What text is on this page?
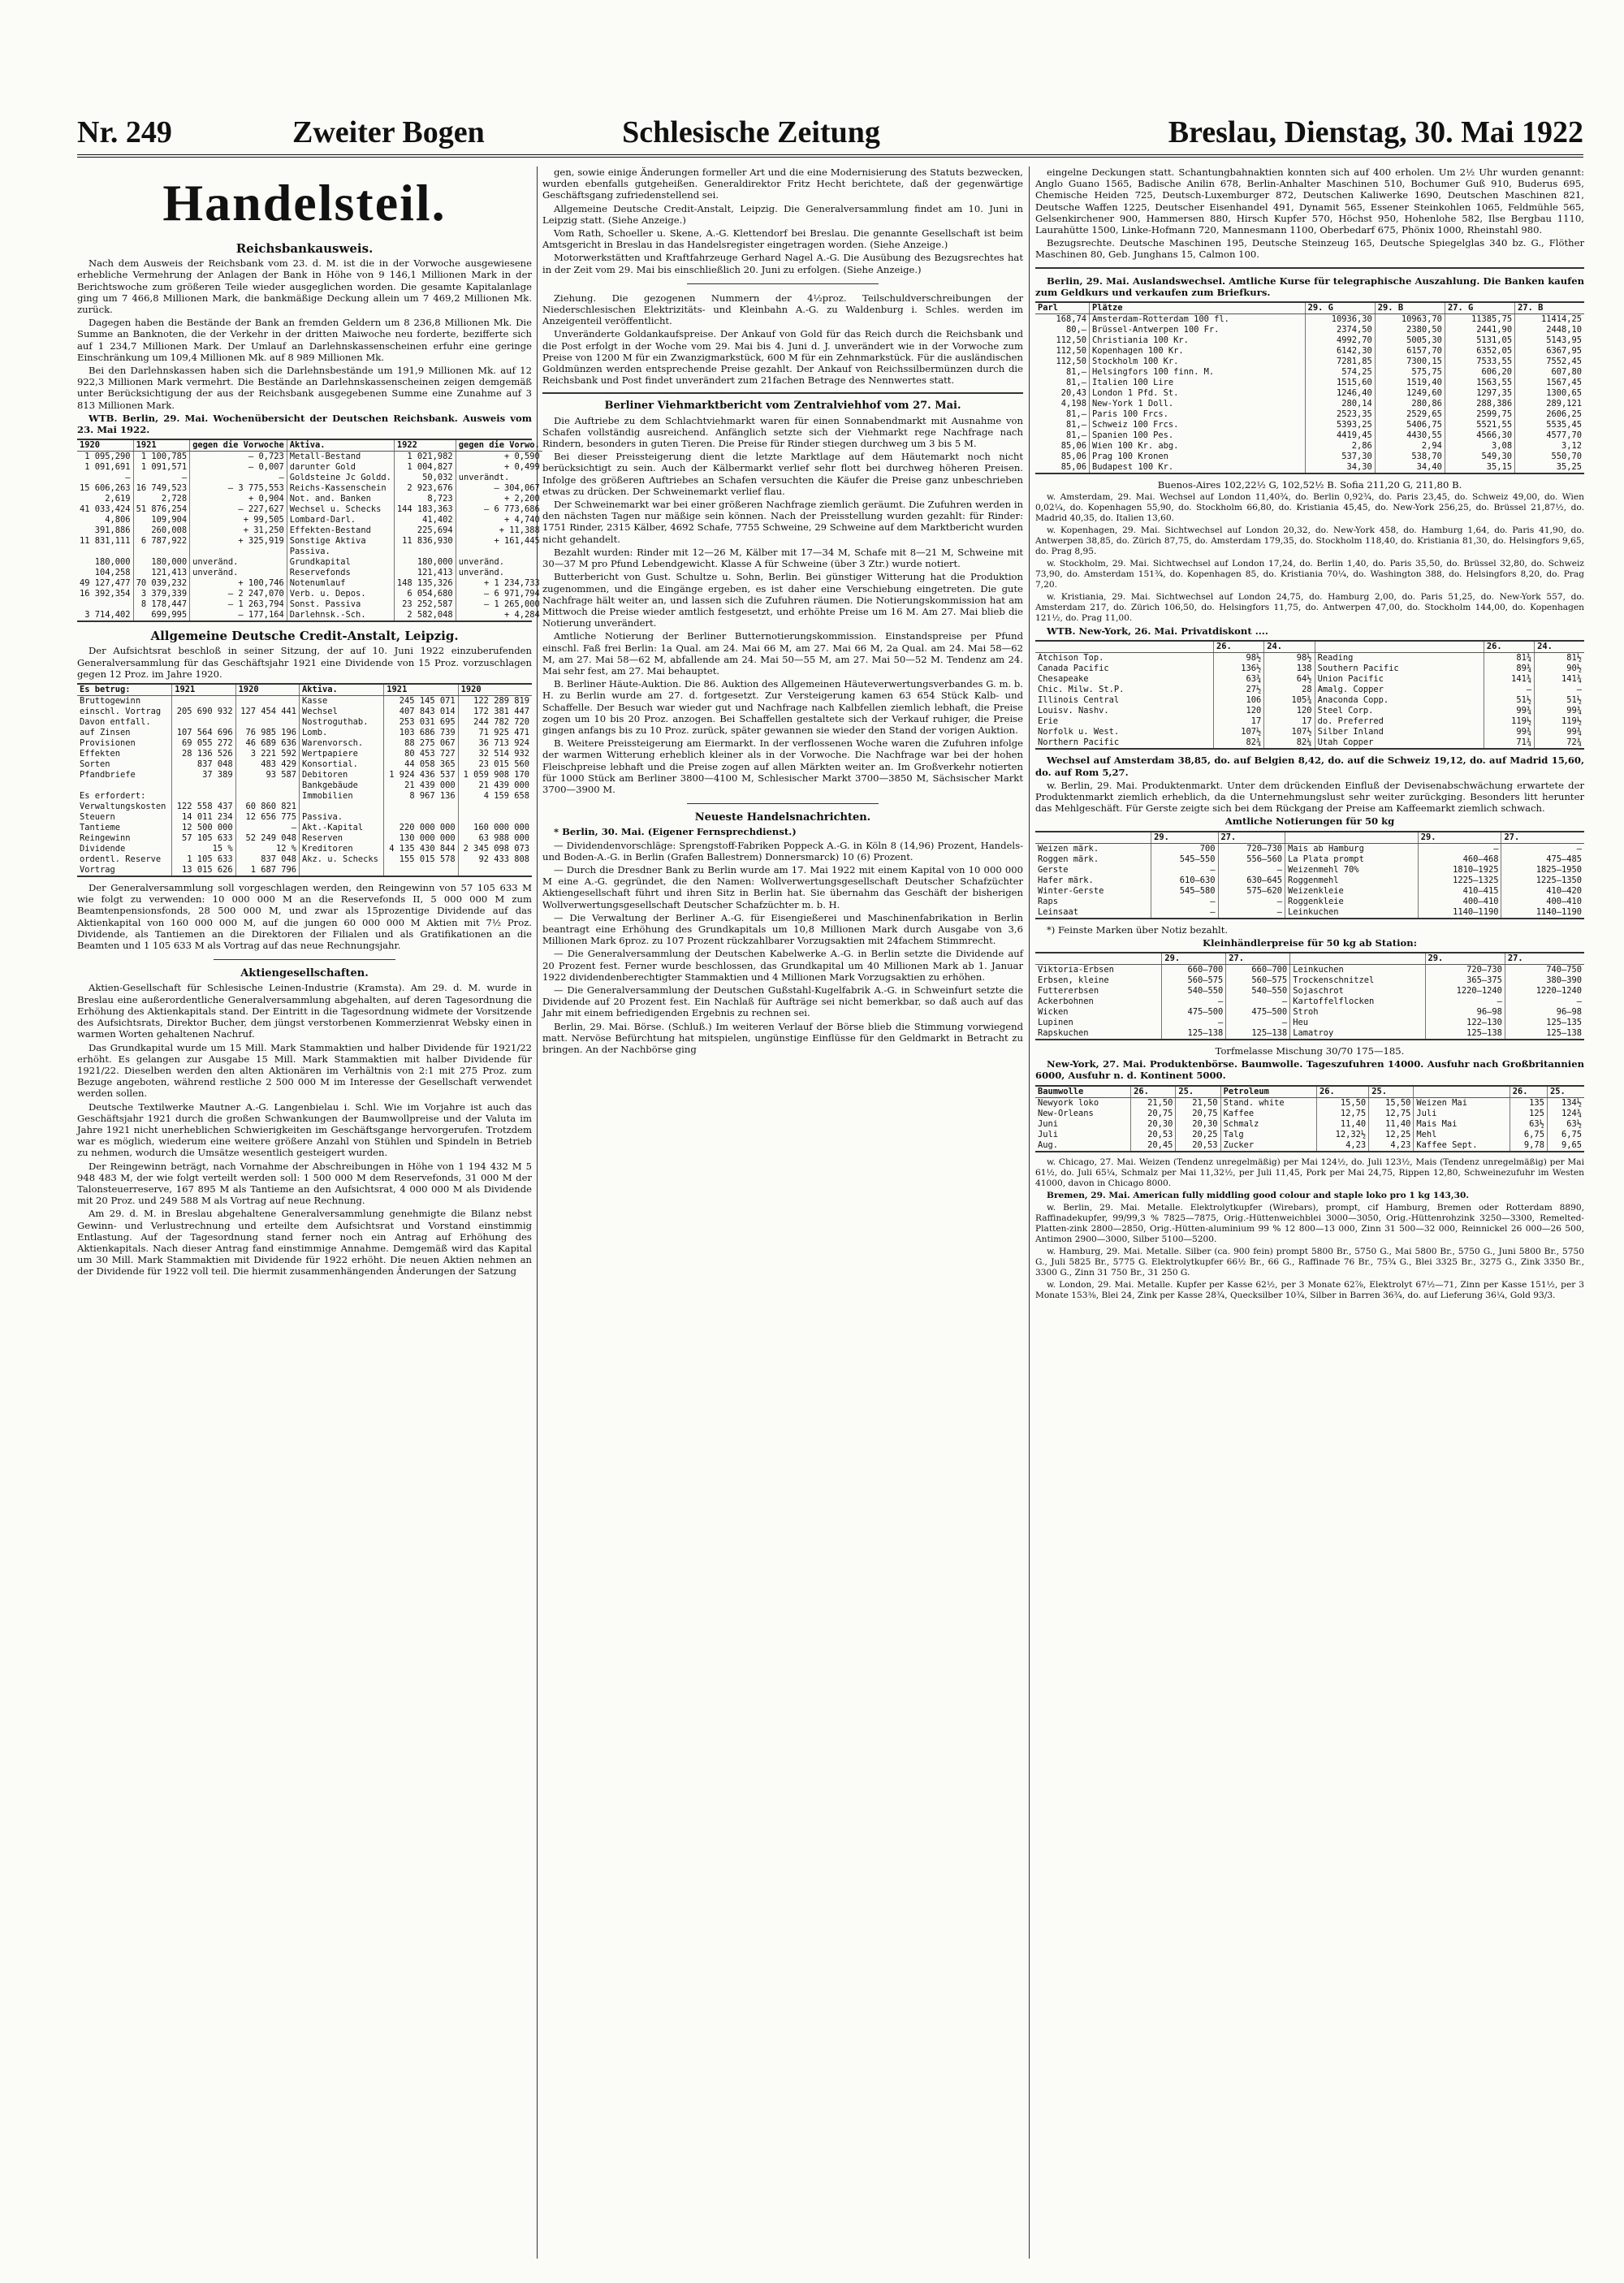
Nr. 249	Zweiter Bogen	Schlesische Zeitung	Breslau, Dienstag, 30. Mai 1922
Handelsteil.
Reichsbankausweis.

Nach dem Ausweis der Reichsbank vom 23. d. M. ist die in der Vorwoche ausgewiesene erhebliche Vermehrung der Anlagen der Bank in Höhe von 9 146,1 Millionen Mark in der Berichtswoche zum größeren Teile wieder ausgeglichen worden. Die gesamte Kapitalanlage ging um 7 466,8 Millionen Mark, die bankmäßige Deckung allein um 7 469,2 Millionen Mk. zurück.

Dagegen haben die Bestände der Bank an fremden Geldern um 8 236,8 Millionen Mk. Die Summe an Banknoten, die der Verkehr in der dritten Maiwoche neu forderte, bezifferte sich auf 1 234,7 Millionen Mark. Der Umlauf an Darlehnskassenscheinen erfuhr eine geringe Einschränkung um 109,4 Millionen Mk. auf 8 989 Millionen Mk.

Bei den Darlehnskassen haben sich die Darlehnsbestände um 191,9 Millionen Mk. auf 12 922,3 Millionen Mark vermehrt. Die Bestände an Darlehnskassenscheinen zeigen demgemäß unter Berücksichtigung der aus der Reichsbank ausgegebenen Summe eine Zunahme auf 3 813 Millionen Mark.

WTB. Berlin, 29. Mai. Wochenübersicht der Deutschen Reichsbank. Ausweis vom 23. Mai 1922.

1920	1921	gegen die Vorwoche	Aktiva.	1922	gegen die Vorwo.
1 095,290	1 100,785	— 0,723	Metall-Bestand	1 021,982	+ 0,590
1 091,691	1 091,571	— 0,007	darunter Gold	1 004,827	+ 0,499
—	—	—	Goldsteine Jc Goldd.	50,032	unverändt.
15 606,263	16 749,523	— 3 775,553	Reichs-Kassenschein	2 923,676	— 304,067
2,619	2,728	+ 0,904	Not. and. Banken	8,723	+ 2,200
41 033,424	51 876,254	— 227,627	Wechsel u. Schecks	144 183,363	— 6 773,686
4,806	109,904	+ 99,505	Lombard-Darl.	41,402	+ 4,740
391,886	260,008	+ 31,250	Effekten-Bestand	225,694	+ 11,388
11 831,111	6 787,922	+ 325,919	Sonstige Aktiva	11 836,930	+ 161,445
			Passiva.		
180,000	180,000	unveränd.	Grundkapital	180,000	unveränd.
104,258	121,413	unveränd.	Reservefonds	121,413	unveränd.
49 127,477	70 039,232	+ 100,746	Notenumlauf	148 135,326	+ 1 234,733
16 392,354	3 379,339	— 2 247,070	Verb. u. Depos.	6 054,680	— 6 971,794
	8 178,447	— 1 263,794	Sonst. Passiva	23 252,587	— 1 265,000
3 714,402	699,995	— 177,164	Darlehnsk.-Sch.	2 582,048	+ 4,284
Allgemeine Deutsche Credit-Anstalt, Leipzig.

Der Aufsichtsrat beschloß in seiner Sitzung, der auf 10. Juni 1922 einzuberufenden Generalversammlung für das Geschäftsjahr 1921 eine Dividende von 15 Proz. vorzuschlagen gegen 12 Proz. im Jahre 1920.

Es betrug:	1921	1920	Aktiva.	1921	1920
Bruttogewinn			Kasse	245 145 071	122 289 819
einschl. Vortrag	205 690 932	127 454 441	Wechsel	407 843 014	172 381 447
Davon entfall.			Nostroguthab.	253 031 695	244 782 720
auf Zinsen	107 564 696	76 985 196	Lomb.	103 686 739	71 925 471
Provisionen	69 055 272	46 689 636	Warenvorsch.	88 275 067	36 713 924
Effekten	28 136 526	3 221 592	Wertpapiere	80 453 727	32 514 932
Sorten	837 048	483 429	Konsortial.	44 058 365	23 015 560
Pfandbriefe	37 389	93 587	Debitoren	1 924 436 537	1 059 908 170
			Bankgebäude	21 439 000	21 439 000
Es erfordert:			Immobilien	8 967 136	4 159 658
Verwaltungskosten	122 558 437	60 860 821			
Steuern	14 011 234	12 656 775	Passiva.		
Tantieme	12 500 000	—	Akt.-Kapital	220 000 000	160 000 000
Reingewinn	57 105 633	52 249 048	Reserven	130 000 000	63 988 000
Dividende	15 %	12 %	Kreditoren	4 135 430 844	2 345 098 073
ordentl. Reserve	1 105 633	837 048	Akz. u. Schecks	155 015 578	92 433 808
Vortrag	13 015 626	1 687 796			

Der Generalversammlung soll vorgeschlagen werden, den Reingewinn von 57 105 633 M wie folgt zu verwenden: 10 000 000 M an die Reservefonds II, 5 000 000 M zum Beamtenpensionsfonds, 28 500 000 M, und zwar als 15prozentige Dividende auf das Aktienkapital von 160 000 000 M, auf die jungen 60 000 000 M Aktien mit 7½ Proz. Dividende, als Tantiemen an die Direktoren der Filialen und als Gratifikationen an die Beamten und 1 105 633 M als Vortrag auf das neue Rechnungsjahr.

Aktiengesellschaften.

Aktien-Gesellschaft für Schlesische Leinen-Industrie (Kramsta). Am 29. d. M. wurde in Breslau eine außerordentliche Generalversammlung abgehalten, auf deren Tagesordnung die Erhöhung des Aktienkapitals stand. Der Eintritt in die Tagesordnung widmete der Vorsitzende des Aufsichtsrats, Direktor Bucher, dem jüngst verstorbenen Kommerzienrat Websky einen in warmen Worten gehaltenen Nachruf.

Das Grundkapital wurde um 15 Mill. Mark Stammaktien und halber Dividende für 1921/22 erhöht. Es gelangen zur Ausgabe 15 Mill. Mark Stammaktien mit halber Dividende für 1921/22. Dieselben werden den alten Aktionären im Verhältnis von 2:1 mit 275 Proz. zum Bezuge angeboten, während restliche 2 500 000 M im Interesse der Gesellschaft verwendet werden sollen.

Deutsche Textilwerke Mautner A.-G. Langenbielau i. Schl. Wie im Vorjahre ist auch das Geschäftsjahr 1921 durch die großen Schwankungen der Baumwollpreise und der Valuta im Jahre 1921 nicht unerheblichen Schwierigkeiten im Geschäftsgange hervorgerufen. Trotzdem war es möglich, wiederum eine weitere größere Anzahl von Stühlen und Spindeln in Betrieb zu nehmen, wodurch die Umsätze wesentlich gesteigert wurden.

Der Reingewinn beträgt, nach Vornahme der Abschreibungen in Höhe von 1 194 432 M 5 948 483 M, der wie folgt verteilt werden soll: 1 500 000 M dem Reservefonds, 31 000 M der Talonsteuerreserve, 167 895 M als Tantieme an den Aufsichtsrat, 4 000 000 M als Dividende mit 20 Proz. und 249 588 M als Vortrag auf neue Rechnung.

Am 29. d. M. in Breslau abgehaltene Generalversammlung genehmigte die Bilanz nebst Gewinn- und Verlustrechnung und erteilte dem Aufsichtsrat und Vorstand einstimmig Entlastung. Auf der Tagesordnung stand ferner noch ein Antrag auf Erhöhung des Aktienkapitals. Nach dieser Antrag fand einstimmige Annahme. Demgemäß wird das Kapital um 30 Mill. Mark Stammaktien mit Dividende für 1922 erhöht. Die neuen Aktien nehmen an der Dividende für 1922 voll teil. Die hiermit zusammenhängenden Änderungen der Satzung

gen, sowie einige Änderungen formeller Art und die eine Modernisierung des Statuts bezwecken, wurden ebenfalls gutgeheißen. Generaldirektor Fritz Hecht berichtete, daß der gegenwärtige Geschäftsgang zufriedenstellend sei.

Allgemeine Deutsche Credit-Anstalt, Leipzig. Die Generalversammlung findet am 10. Juni in Leipzig statt. (Siehe Anzeige.)

Vom Rath, Schoeller u. Skene, A.-G. Klettendorf bei Breslau. Die genannte Gesellschaft ist beim Amtsgericht in Breslau in das Handelsregister eingetragen worden. (Siehe Anzeige.)

Motorwerkstätten und Kraftfahrzeuge Gerhard Nagel A.-G. Die Ausübung des Bezugsrechtes hat in der Zeit vom 29. Mai bis einschließlich 20. Juni zu erfolgen. (Siehe Anzeige.)

Ziehung. Die gezogenen Nummern der 4½proz. Teilschuldverschreibungen der Niederschlesischen Elektrizitäts- und Kleinbahn A.-G. zu Waldenburg i. Schles. werden im Anzeigenteil veröffentlicht.

Unveränderte Goldankaufspreise. Der Ankauf von Gold für das Reich durch die Reichsbank und die Post erfolgt in der Woche vom 29. Mai bis 4. Juni d. J. unverändert wie in der Vorwoche zum Preise von 1200 M für ein Zwanzigmarkstück, 600 M für ein Zehnmarkstück. Für die ausländischen Goldmünzen werden entsprechende Preise gezahlt. Der Ankauf von Reichssilbermünzen durch die Reichsbank und Post findet unverändert zum 21fachen Betrage des Nennwertes statt.

Berliner Viehmarktbericht vom Zentralviehhof vom 27. Mai.

Die Auftriebe zu dem Schlachtviehmarkt waren für einen Sonnabendmarkt mit Ausnahme von Schafen vollständig ausreichend. Anfänglich setzte sich der Viehmarkt rege Nachfrage nach Rindern, besonders in guten Tieren. Die Preise für Rinder stiegen durchweg um 3 bis 5 M.

Bei dieser Preissteigerung dient die letzte Marktlage auf dem Häutemarkt noch nicht berücksichtigt zu sein. Auch der Kälbermarkt verlief sehr flott bei durchweg höheren Preisen. Infolge des größeren Auftriebes an Schafen versuchten die Käufer die Preise ganz unbeschrieben etwas zu drücken. Der Schweinemarkt verlief flau.

Der Schweinemarkt war bei einer größeren Nachfrage ziemlich geräumt. Die Zufuhren werden in den nächsten Tagen nur mäßige sein können. Nach der Preisstellung wurden gezahlt: für Rinder: 1751 Rinder, 2315 Kälber, 4692 Schafe, 7755 Schweine, 29 Schweine auf dem Marktbericht wurden nicht gehandelt.

Bezahlt wurden: Rinder mit 12—26 M, Kälber mit 17—34 M, Schafe mit 8—21 M, Schweine mit 30—37 M pro Pfund Lebendgewicht. Klasse A für Schweine (über 3 Ztr.) wurde notiert.

Butterbericht von Gust. Schultze u. Sohn, Berlin. Bei günstiger Witterung hat die Produktion zugenommen, und die Eingänge ergeben, es ist daher eine Verschiebung eingetreten. Die gute Nachfrage hält weiter an, und lassen sich die Zufuhren räumen. Die Notierungskommission hat am Mittwoch die Preise wieder amtlich festgesetzt, und erhöhte Preise um 16 M. Am 27. Mai blieb die Notierung unverändert.

Amtliche Notierung der Berliner Butternotierungskommission. Einstandspreise per Pfund einschl. Faß frei Berlin: 1a Qual. am 24. Mai 66 M, am 27. Mai 66 M, 2a Qual. am 24. Mai 58—62 M, am 27. Mai 58—62 M, abfallende am 24. Mai 50—55 M, am 27. Mai 50—52 M. Tendenz am 24. Mai sehr fest, am 27. Mai behauptet.

B. Berliner Häute-Auktion. Die 86. Auktion des Allgemeinen Häuteverwertungsverbandes G. m. b. H. zu Berlin wurde am 27. d. fortgesetzt. Zur Versteigerung kamen 63 654 Stück Kalb- und Schaffelle. Der Besuch war wieder gut und Nachfrage nach Kalbfellen ziemlich lebhaft, die Preise zogen um 10 bis 20 Proz. anzogen. Bei Schaffellen gestaltete sich der Verkauf ruhiger, die Preise gingen anfangs bis zu 10 Proz. zurück, später gewannen sie wieder den Stand der vorigen Auktion.

B. Weitere Preissteigerung am Eiermarkt. In der verflossenen Woche waren die Zufuhren infolge der warmen Witterung erheblich kleiner als in der Vorwoche. Die Nachfrage war bei der hohen Fleischpreise lebhaft und die Preise zogen auf allen Märkten weiter an. Im Großverkehr notierten für 1000 Stück am Berliner 3800—4100 M, Schlesischer Markt 3700—3850 M, Sächsischer Markt 3700—3900 M.

Neueste Handelsnachrichten.

* Berlin, 30. Mai. (Eigener Fernsprechdienst.)

— Dividendenvorschläge: Sprengstoff-Fabriken Poppeck A.-G. in Köln 8 (14,96) Prozent, Handels- und Boden-A.-G. in Berlin (Grafen Ballestrem) Donnersmarck) 10 (6) Prozent.

— Durch die Dresdner Bank zu Berlin wurde am 17. Mai 1922 mit einem Kapital von 10 000 000 M eine A.-G. gegründet, die den Namen: Wollverwertungsgesellschaft Deutscher Schafzüchter Aktiengesellschaft führt und ihren Sitz in Berlin hat. Sie übernahm das Geschäft der bisherigen Wollverwertungsgesellschaft Deutscher Schafzüchter m. b. H.

— Die Verwaltung der Berliner A.-G. für Eisengießerei und Maschinenfabrikation in Berlin beantragt eine Erhöhung des Grundkapitals um 10,8 Millionen Mark durch Ausgabe von 3,6 Millionen Mark 6proz. zu 107 Prozent rückzahlbarer Vorzugsaktien mit 24fachem Stimmrecht.

— Die Generalversammlung der Deutschen Kabelwerke A.-G. in Berlin setzte die Dividende auf 20 Prozent fest. Ferner wurde beschlossen, das Grundkapital um 40 Millionen Mark ab 1. Januar 1922 dividendenberechtigter Stammaktien und 4 Millionen Mark Vorzugsaktien zu erhöhen.

— Die Generalversammlung der Deutschen Gußstahl-Kugelfabrik A.-G. in Schweinfurt setzte die Dividende auf 20 Prozent fest. Ein Nachlaß für Aufträge sei nicht bemerkbar, so daß auch auf das Jahr mit einem befriedigenden Ergebnis zu rechnen sei.

Berlin, 29. Mai. Börse. (Schluß.) Im weiteren Verlauf der Börse blieb die Stimmung vorwiegend matt. Nervöse Befürchtung hat mitspielen, ungünstige Einflüsse für den Geldmarkt in Betracht zu bringen. An der Nachbörse ging

eingelne Deckungen statt. Schantungbahnaktien konnten sich auf 400 erholen. Um 2½ Uhr wurden genannt: Anglo Guano 1565, Badische Anilin 678, Berlin-Anhalter Maschinen 510, Bochumer Guß 910, Buderus 695, Chemische Heiden 725, Deutsch-Luxemburger 872, Deutschen Kaliwerke 1690, Deutschen Maschinen 821, Deutsche Waffen 1225, Deutscher Eisenhandel 491, Dynamit 565, Essener Steinkohlen 1065, Feldmühle 565, Gelsenkirchener 900, Hammersen 880, Hirsch Kupfer 570, Höchst 950, Hohenlohe 582, Ilse Bergbau 1110, Laurahütte 1500, Linke-Hofmann 720, Mannesmann 1100, Oberbedarf 675, Phönix 1000, Rheinstahl 980.

Bezugsrechte. Deutsche Maschinen 195, Deutsche Steinzeug 165, Deutsche Spiegelglas 340 bz. G., Flöther Maschinen 80, Geb. Junghans 15, Calmon 100.

Berlin, 29. Mai. Auslandswechsel. Amtliche Kurse für telegraphische Auszahlung. Die Banken kaufen zum Geldkurs und verkaufen zum Briefkurs.

Parl	Plätze	29. G	29. B	27. G	27. B
168,74	Amsterdam-Rotterdam 100 fl.	10936,30	10963,70	11385,75	11414,25
80,—	Brüssel-Antwerpen 100 Fr.	2374,50	2380,50	2441,90	2448,10
112,50	Christiania 100 Kr.	4992,70	5005,30	5131,05	5143,95
112,50	Kopenhagen 100 Kr.	6142,30	6157,70	6352,05	6367,95
112,50	Stockholm 100 Kr.	7281,85	7300,15	7533,55	7552,45
81,—	Helsingfors 100 finn. M.	574,25	575,75	606,20	607,80
81,—	Italien 100 Lire	1515,60	1519,40	1563,55	1567,45
20,43	London 1 Pfd. St.	1246,40	1249,60	1297,35	1300,65
4,198	New-York 1 Doll.	280,14	280,86	288,386	289,121
81,—	Paris 100 Frcs.	2523,35	2529,65	2599,75	2606,25
81,—	Schweiz 100 Frcs.	5393,25	5406,75	5521,55	5535,45
81,—	Spanien 100 Pes.	4419,45	4430,55	4566,30	4577,70
85,06	Wien 100 Kr. abg.	2,86	2,94	3,08	3,12
85,06	Prag 100 Kronen	537,30	538,70	549,30	550,70
85,06	Budapest 100 Kr.	34,30	34,40	35,15	35,25

Buenos-Aires 102,22½ G, 102,52½ B. Sofia 211,20 G, 211,80 B.

w. Amsterdam, 29. Mai. Wechsel auf London 11,40¾, do. Berlin 0,92¾, do. Paris 23,45, do. Schweiz 49,00, do. Wien 0,02¼, do. Kopenhagen 55,90, do. Stockholm 66,80, do. Kristiania 45,45, do. New-York 256,25, do. Brüssel 21,87½, do. Madrid 40,35, do. Italien 13,60.

w. Kopenhagen, 29. Mai. Sichtwechsel auf London 20,32, do. New-York 458, do. Hamburg 1,64, do. Paris 41,90, do. Antwerpen 38,85, do. Zürich 87,75, do. Amsterdam 179,35, do. Stockholm 118,40, do. Kristiania 81,30, do. Helsingfors 9,65, do. Prag 8,95.

w. Stockholm, 29. Mai. Sichtwechsel auf London 17,24, do. Berlin 1,40, do. Paris 35,50, do. Brüssel 32,80, do. Schweiz 73,90, do. Amsterdam 151¾, do. Kopenhagen 85, do. Kristiania 70¼, do. Washington 388, do. Helsingfors 8,20, do. Prag 7,20.

w. Kristiania, 29. Mai. Sichtwechsel auf London 24,75, do. Hamburg 2,00, do. Paris 51,25, do. New-York 557, do. Amsterdam 217, do. Zürich 106,50, do. Helsingfors 11,75, do. Antwerpen 47,00, do. Stockholm 144,00, do. Kopenhagen 121½, do. Prag 11,00.

WTB. New-York, 26. Mai. Privatdiskont ....

	26.	24.		26.	24.
Atchison Top.	98½	98½	Reading	81¾	81½
Canada Pacific	136½	138	Southern Pacific	89¾	90½
Chesapeake	63¾	64½	Union Pacific	141¾	141¾
Chic. Milw. St.P.	27½	28	Amalg. Copper	—	—
Illinois Central	106	105¾	Anaconda Copp.	51½	51½
Louisv. Nashv.	120	120	Steel Corp.	99¾	99¾
Erie	17	17	do. Preferred	119½	119½
Norfolk u. West.	107½	107½	Silber Inland	99¾	99¾
Northern Pacific	82¾	82¼	Utah Copper	71¾	72¾

Wechsel auf Amsterdam 38,85, do. auf Belgien 8,42, do. auf die Schweiz 19,12, do. auf Madrid 15,60, do. auf Rom 5,27.

w. Berlin, 29. Mai. Produktenmarkt. Unter dem drückenden Einfluß der Devisenabschwächung erwartete der Produktenmarkt ziemlich erheblich, da die Unternehmungslust sehr weiter zurückging. Besonders litt herunter das Mehlgeschäft. Für Gerste zeigte sich bei dem Rückgang der Preise am Kaffeemarkt ziemlich schwach.

Amtliche Notierungen für 50 kg

	29.	27.		29.	27.
Weizen märk.	700	720—730	Mais ab Hamburg	—	—
Roggen märk.	545—550	556—560	La Plata prompt	460—468	475—485
Gerste	—	—	Weizenmehl 70%	1810—1925	1825—1950
Hafer märk.	610—630	630—645	Roggenmehl	1225—1325	1225—1350
Winter-Gerste	545—580	575—620	Weizenkleie	410—415	410—420
Raps	—	—	Roggenkleie	400—410	400—410
Leinsaat	—	—	Leinkuchen	1140—1190	1140—1190

*) Feinste Marken über Notiz bezahlt.

Kleinhändlerpreise für 50 kg ab Station:

	29.	27.		29.	27.
Viktoria-Erbsen	660—700	660—700	Leinkuchen	720—730	740—750
Erbsen, kleine	560—575	560—575	Trockenschnitzel	365—375	380—390
Futtererbsen	540—550	540—550	Sojaschrot	1220—1240	1220—1240
Ackerbohnen	—	—	Kartoffelflocken	—	—
Wicken	475—500	475—500	Stroh	96—98	96—98
Lupinen	—	—	Heu	122—130	125—135
Rapskuchen	125—138	125—138	Lamatroy	125—138	125—138

Torfmelasse Mischung 30/70 175—185.

New-York, 27. Mai. Produktenbörse. Baumwolle. Tageszufuhren 14000. Ausfuhr nach Großbritannien 6000, Ausfuhr n. d. Kontinent 5000.

Baumwolle	26.	25.	Petroleum	26.	25.		26.	25.
Newyork loko	21,50	21,50	Stand. white	15,50	15,50	Weizen Mai	135	134½
New-Orleans	20,75	20,75	Kaffee	12,75	12,75	Juli	125	124¾
Juni	20,30	20,30	Schmalz	11,40	11,40	Mais Mai	63½	63½
Juli	20,53	20,25	Talg	12,32½	12,25	Mehl	6,75	6,75
Aug.	20,45	20,53	Zucker	4,23	4,23	Kaffee Sept.	9,78	9,65

w. Chicago, 27. Mai. Weizen (Tendenz unregelmäßig) per Mai 124½, do. Juli 123½, Mais (Tendenz unregelmäßig) per Mai 61½, do. Juli 65¼, Schmalz per Mai 11,32½, per Juli 11,45, Pork per Mai 24,75, Rippen 12,80, Schweinezufuhr im Westen 41000, davon in Chicago 8000.

Bremen, 29. Mai. American fully middling good colour and staple loko pro 1 kg 143,30.

w. Berlin, 29. Mai. Metalle. Elektrolytkupfer (Wirebars), prompt, cif Hamburg, Bremen oder Rotterdam 8890, Raffinadekupfer, 99/99,3 % 7825—7875, Orig.-Hüttenweichblei 3000—3050, Orig.-Hüttenrohzink 3250—3300, Remelted-Platten-zink 2800—2850, Orig.-Hütten-aluminium 99 % 12 800—13 000, Zinn 31 500—32 000, Reinnickel 26 000—26 500, Antimon 2900—3000, Silber 5100—5200.

w. Hamburg, 29. Mai. Metalle. Silber (ca. 900 fein) prompt 5800 Br., 5750 G., Mai 5800 Br., 5750 G., Juni 5800 Br., 5750 G., Juli 5825 Br., 5775 G. Elektrolytkupfer 66½ Br., 66 G., Raffinade 76 Br., 75¾ G., Blei 3325 Br., 3275 G., Zink 3350 Br., 3300 G., Zinn 31 750 Br., 31 250 G.

w. London, 29. Mai. Metalle. Kupfer per Kasse 62½, per 3 Monate 62⅞, Elektrolyt 67½—71, Zinn per Kasse 151½, per 3 Monate 153⅜, Blei 24, Zink per Kasse 28¾, Quecksilber 10¾, Silber in Barren 36¾, do. auf Lieferung 36¼, Gold 93/3.
